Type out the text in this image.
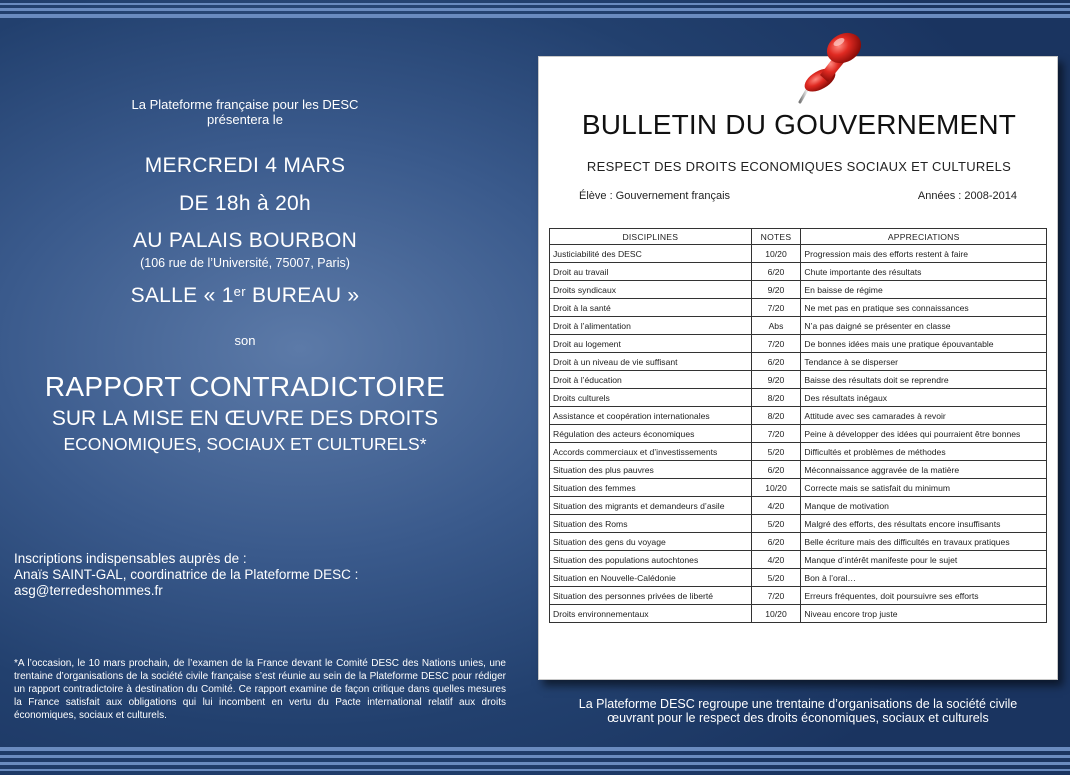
La Plateforme française pour les DESC
présentera le
MERCREDI 4 MARS
DE 18h à 20h
AU PALAIS BOURBON
(106 rue de l’Université, 75007, Paris)
SALLE « 1er BUREAU »
son
RAPPORT CONTRADICTOIRE
SUR LA MISE EN ŒUVRE DES DROITS
ECONOMIQUES, SOCIAUX ET CULTURELS*
Inscriptions indispensables auprès de :
Anaïs SAINT-GAL, coordinatrice de la Plateforme DESC :
asg@terredeshommes.fr
*A l’occasion, le 10 mars prochain, de l’examen de la France devant le Comité DESC des Nations unies, une trentaine d’organisations de la société civile française s’est réunie au sein de la Plateforme DESC pour rédiger un rapport contradictoire à destination du Comité. Ce rapport examine de façon critique dans quelles mesures la France satisfait aux obligations qui lui incombent en vertu du Pacte international relatif aux droits économiques, sociaux et culturels.
BULLETIN DU GOUVERNEMENT
RESPECT DES DROITS ECONOMIQUES SOCIAUX ET CULTURELS
Élève : Gouvernement français	Années : 2008-2014
DISCIPLINES	NOTES	APPRECIATIONS
Justiciabilité des DESC	10/20	Progression mais des efforts restent à faire
Droit au travail	6/20	Chute importante des résultats
Droits syndicaux	9/20	En baisse de régime
Droit à la santé	7/20	Ne met pas en pratique ses connaissances
Droit à l’alimentation	Abs	N’a pas daigné se présenter en classe
Droit au logement	7/20	De bonnes idées mais une pratique épouvantable
Droit à un niveau de vie suffisant	6/20	Tendance à se disperser
Droit à l’éducation	9/20	Baisse des résultats doit se reprendre
Droits culturels	8/20	Des résultats inégaux
Assistance et coopération internationales	8/20	Attitude avec ses camarades à revoir
Régulation des acteurs économiques	7/20	Peine à développer des idées qui pourraient être bonnes
Accords commerciaux et d’investissements	5/20	Difficultés et problèmes de méthodes
Situation des plus pauvres	6/20	Méconnaissance aggravée de la matière
Situation des femmes	10/20	Correcte mais se satisfait du minimum
Situation des migrants et demandeurs d’asile	4/20	Manque de motivation
Situation des Roms	5/20	Malgré des efforts, des résultats encore insuffisants
Situation des gens du voyage	6/20	Belle écriture mais des difficultés en travaux pratiques
Situation des populations autochtones	4/20	Manque d’intérêt manifeste pour le sujet
Situation en Nouvelle-Calédonie	5/20	Bon à l’oral…
Situation des personnes privées de liberté	7/20	Erreurs fréquentes, doit poursuivre ses efforts
Droits environnementaux	10/20	Niveau encore trop juste
La Plateforme DESC regroupe une trentaine d’organisations de la société civile
œuvrant pour le respect des droits économiques, sociaux et culturels
